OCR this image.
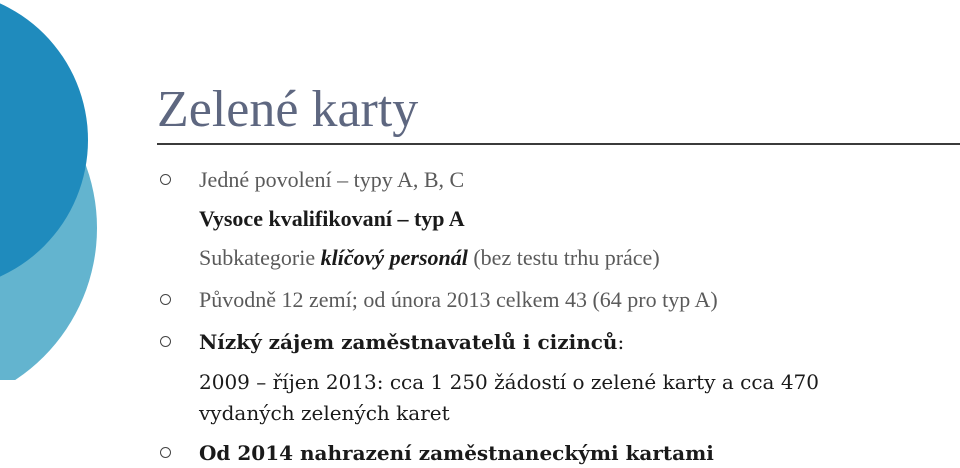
Zelené karty
Jedné povolení – typy A, B, C
Vysoce kvalifikovaní – typ A
Subkategorie klíčový personál (bez testu trhu práce)
Původně 12 zemí; od února 2013 celkem 43 (64 pro typ A)
Nízký zájem zaměstnavatelů i cizinců:
2009 – říjen 2013: cca 1 250 žádostí o zelené karty a cca 470
vydaných zelených karet
Od 2014 nahrazení zaměstnaneckými kartami
